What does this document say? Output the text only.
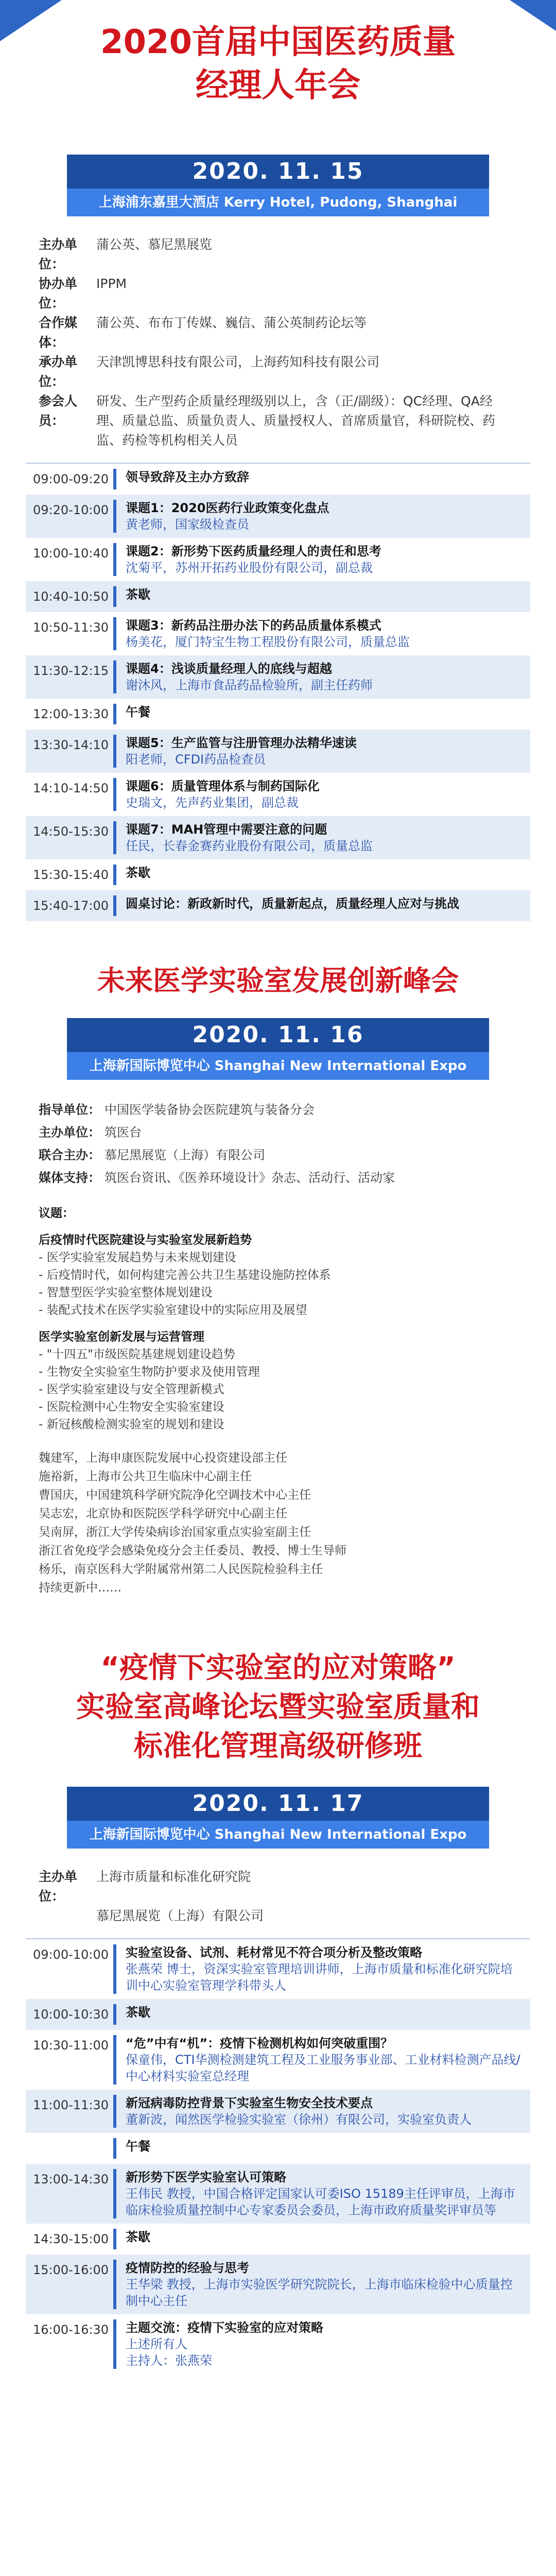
2020首届中国医药质量
经理人年会
2020. 11. 15
上海浦东嘉里大酒店 Kerry Hotel, Pudong, Shanghai
主办单位：
蒲公英、慕尼黑展览
协办单位：
IPPM
合作媒体：
蒲公英、布布丁传媒、巍信、蒲公英制药论坛等
承办单位：
天津凯博思科技有限公司，上海药知科技有限公司
参会人员：
研发、生产型药企质量经理级别以上，含（正/副级）：QC经理、QA经理、质量总监、质量负责人、质量授权人、首席质量官，科研院校、药监、药检等机构相关人员
09:00-09:20	领导致辞及主办方致辞
09:20-10:00	课题1：2020医药行业政策变化盘点
黄老师，国家级检查员
10:00-10:40	课题2：新形势下医药质量经理人的责任和思考
沈菊平，苏州开拓药业股份有限公司，副总裁
10:40-10:50	茶歇
10:50-11:30	课题3：新药品注册办法下的药品质量体系模式
杨美花，厦门特宝生物工程股份有限公司，质量总监
11:30-12:15	课题4：浅谈质量经理人的底线与超越
谢沐风，上海市食品药品检验所，副主任药师
12:00-13:30	午餐
13:30-14:10	课题5：生产监管与注册管理办法精华速读
阳老师，CFDI药品检查员
14:10-14:50	课题6：质量管理体系与制药国际化
史瑞文，先声药业集团，副总裁
14:50-15:30	课题7：MAH管理中需要注意的问题
任民，长春金赛药业股份有限公司，质量总监
15:30-15:40	茶歇
15:40-17:00	圆桌讨论：新政新时代，质量新起点，质量经理人应对与挑战
未来医学实验室发展创新峰会
2020. 11. 16
上海新国际博览中心 Shanghai New International Expo Center
指导单位： 中国医学装备协会医院建筑与装备分会
主办单位： 筑医台
联合主办： 慕尼黑展览（上海）有限公司
媒体支持： 筑医台资讯、《医养环境设计》杂志、活动行、活动家
议题：
后疫情时代医院建设与实验室发展新趋势
- 医学实验室发展趋势与未来规划建设
- 后疫情时代，如何构建完善公共卫生基建设施防控体系
- 智慧型医学实验室整体规划建设
- 装配式技术在医学实验室建设中的实际应用及展望
医学实验室创新发展与运营管理
- "十四五"市级医院基建规划建设趋势
- 生物安全实验室生物防护要求及使用管理
- 医学实验室建设与安全管理新模式
- 医院检测中心生物安全实验室建设
- 新冠核酸检测实验室的规划和建设
魏建军，上海申康医院发展中心投资建设部主任
施裕新，上海市公共卫生临床中心副主任
曹国庆，中国建筑科学研究院净化空调技术中心主任
吴志宏，北京协和医院医学科学研究中心副主任
吴南屏，浙江大学传染病诊治国家重点实验室副主任
浙江省免疫学会感染免疫分会主任委员、教授、博士生导师
杨乐，南京医科大学附属常州第二人民医院检验科主任
持续更新中……
“疫情下实验室的应对策略”
实验室高峰论坛暨实验室质量和
标准化管理高级研修班
2020. 11. 17
上海新国际博览中心 Shanghai New International Expo Center
主办单位：
上海市质量和标准化研究院
慕尼黑展览（上海）有限公司
09:00-10:00	实验室设备、试剂、耗材常见不符合项分析及整改策略
张燕荣 博士，资深实验室管理培训讲师，上海市质量和标准化研究院培训中心实验室管理学科带头人
10:00-10:30	茶歇
10:30-11:00	“危”中有“机”：疫情下检测机构如何突破重围？
保童伟，CTI华测检测建筑工程及工业服务事业部、工业材料检测产品线/中心材料实验室总经理
11:00-11:30	新冠病毒防控背景下实验室生物安全技术要点
董新波，闻然医学检验实验室（徐州）有限公司，实验室负责人
午餐
13:00-14:30	新形势下医学实验室认可策略
王伟民 教授，中国合格评定国家认可委ISO 15189主任评审员，上海市临床检验质量控制中心专家委员会委员，上海市政府质量奖评审员等
14:30-15:00	茶歇
15:00-16:00	疫情防控的经验与思考
王华梁 教授，上海市实验医学研究院院长，上海市临床检验中心质量控制中心主任
16:00-16:30	主题交流：疫情下实验室的应对策略
上述所有人
主持人：张燕荣
